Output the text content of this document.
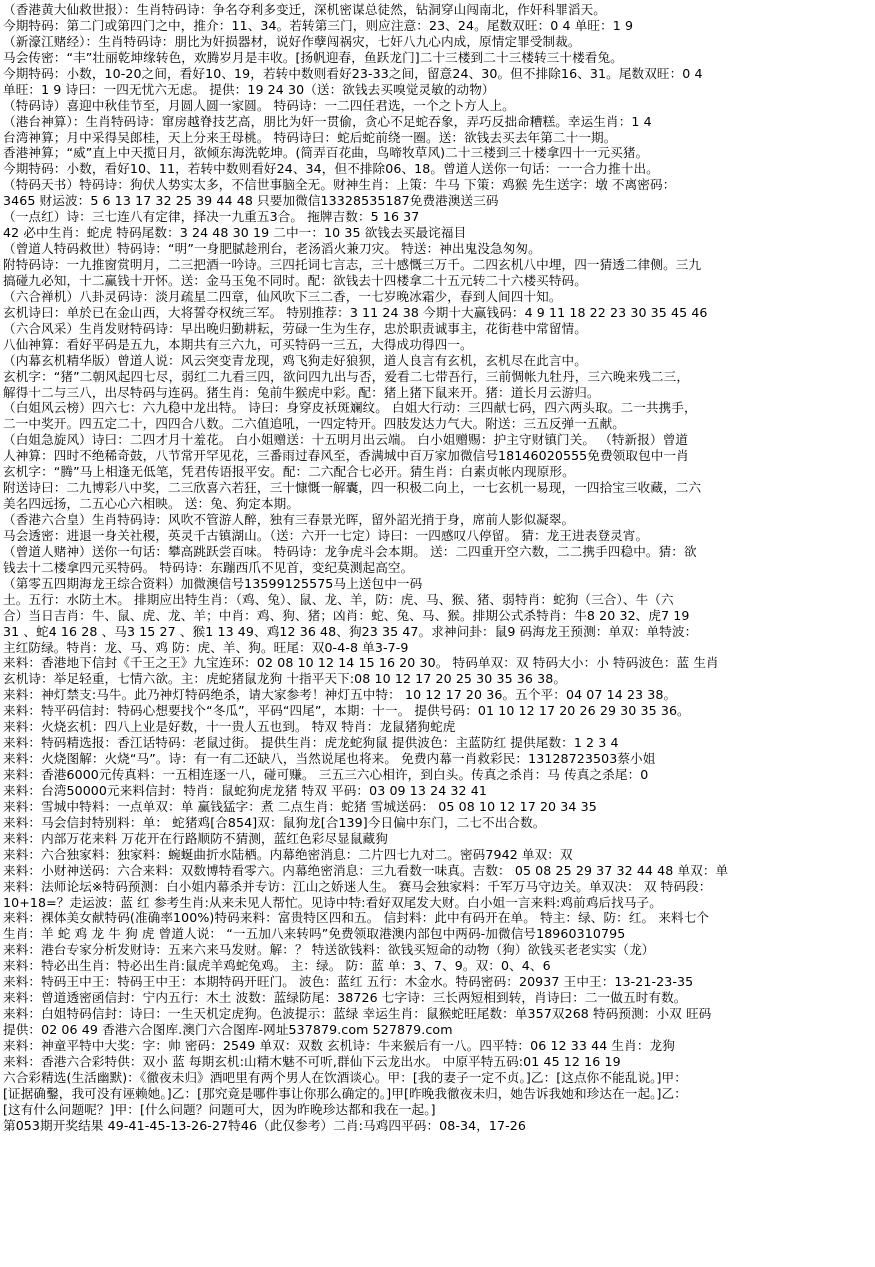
（香港黄大仙救世报）：生肖特码诗：争名夺利多变迁，深机密谋总徒然，钻洞穿山闯南北，作奸科罪滔天。
今期特码：第二门或第四门之中，推介：11、34。若转第三门，则应注意：23、24。尾数双旺：0 4 单旺：1 9
（新濠江赌经）：生肖特码诗：朋比为奸损器材，说好作孽闯祸灾，七奸八九心内成，原情定罪受制裁。
马会传密：“丰”壮丽乾坤缘转色，欢腾岁月是丰收。[扬帆迎春，鱼跃龙门]二十三楼到二十三楼转三十楼看兔。
今期特码：小数，10-20之间，看好10、19，若转中数则看好23-33之间，留意24、30。但不排除16、31。尾数双旺：0 4
单旺：1 9 诗曰：一四无忧六无虑。 提供：19 24 30（送：欲钱去买嗅觉灵敏的动物）
（特码诗）喜迎中秋佳节至，月圆人圆一家圆。 特码诗：一二四任君选，一个之卜方人上。
（港台神算）：生肖特码诗：窜房越脊技艺高，朋比为奸一贯偷，贪心不足蛇吞象，弄巧反拙命糟糕。幸运生肖：1 4
台湾神算；月中采得吴郎桂，天上分来王母桃。 特码诗曰：蛇后蛇前绕一圈。送：欲钱去买去年第二十一期。
香港神算；“威”直上中天揽日月，欲倾东海洗乾坤。(简弄百花曲，鸟啼牧草风)二十三楼到三十楼拿四十一元买猪。
今期特码：小数，看好10、11，若转中数则看好24、34，但不排除06、18。曾道人送你一句话：一一合力推十出。
（特码天书）特码诗：狗伏人势实太多，不信世事脑全无。财神生肖：上策：牛马 下策：鸡猴 先生送字：墩 不离密码：
3465 财运波：5 6 13 17 32 25 39 44 48 只要加微信13328535187免费港澳送三码
（一点红）诗：三七连八有定律，择决一九重五3合。 拖牌吉数：5 16 37
42 必中生肖：蛇虎 特码尾数：3 24 48 30 19 二中一：10 35 欲钱去买最诧福目
（曾道人特码救世）特码诗：“明”一身肥腻趁刑台，老汤滔火兼刀灾。 特送：神出鬼没急匆匆。
附特码诗：一九推窗赏明月，二三把酒一吟诗。三四托词七言志，三十感慨三万千。二四玄机八中埋，四一猜透二律侧。三九
搞碰九必知，十二赢钱十开怀。送：金马玉兔不同时。配：欲钱去十四楼拿二十五元转二十六楼买特码。
（六合禅机）八卦灵码诗：淡月疏星二四章，仙风吹下三二香，一七岁晚冰霜少，春到人间四十知。
玄机诗曰：单於已在金山西，大将誓夺权统三军。 特别推荐：3 11 24 38 今期十大赢钱码：4 9 11 18 22 23 30 35 45 46
（六合风采）生肖发财特码诗：早出晚归勤耕耘，劳碌一生为生存，忠於职责诚事主，花街巷中常留情。
八仙神算：看好平码是五九，本期共有三六九，可买特码一三五，大得成功得四一。
（内幕玄机精华版）曾道人说：风云突变青龙现，鸡飞狗走好狼狈，道人良言有玄机，玄机尽在此言中。
玄机字：“猪”二朝风起四七尽，弱红二九看三四，欲问四九出与否，爱看二七带吾行，三前惆帐九牡丹，三六晚来残二三，
解得十二与三八，出尽特码与连码。猪生肖：兔前牛猴虎中彩。配：猪上猪下鼠来开。猪：道长月云游归。
（白姐风云榜）四六七：六九稳中龙出特。 诗曰：身穿皮袄斑斓纹。 白姐大行动：三四献七码，四六两头取。二一共携手，
二一中奖开。四五定二十，四四合八数。二六值追吼，一四定特开。四肢发达力气大。附送：三五反弹一五献。
（白姐急旋风）诗曰：二四才月十羞花。 白小姐赠送：十五明月出云端。 白小姐赠赐：护主守财镇门关。 （特新报）曾道
人神算：四时不绝稀奇鼓，八节常开罕见花，三番雨过春风至，香满城中百万家加微信号18146020555免费领取包中一肖
玄机字：“腾”马上相逢无低笔，凭君传语报平安。配：二六配合七必开。猜生肖：白素贞帐内现原形。
附送诗曰：二九博彩八中奖，二三欣喜六若狂，三十慷慨一解囊，四一积极二向上，一七玄机一易现，一四拾宝三收藏，二六
美名四远扬，二五心心六相映。 送：兔、狗定本期。
（香港六合皇）生肖特码诗：风吹不管游人醉，独有三春景光晖，留外詔光捎于身，席前人影似凝翠。
马会透密：进退一身关社稷，英灵千古镇湖山。（送：六开一七定）诗曰：一四感叹八停留。 猜：龙王进表登灵宵。
（曾道人赌神）送你一句话：攀高跳跃尝百味。 特码诗：龙争虎斗会本期。 送：二四重开空六数，二二携手四稳中。猜：欲
钱去十二楼拿四元买特码。 特码诗：东蹦西爪不见首，变纪莫测起高空。
（第零五四期海龙王综合资料）加微澳信号13599125575马上送包中一码
土。五行：水防土木。 排期应出特生肖：（鸡、兔）、鼠、龙、羊，防：虎、马、猴、猪、弱特肖：蛇狗（三合）、牛（六
合）当日吉肖：牛、鼠、虎、龙、羊；中肖：鸡、狗、猪；凶肖：蛇、兔、马、猴。排期公式杀特肖：牛8 20 32、虎7 19
31 、蛇4 16 28 、马3 15 27 、猴1 13 49、鸡12 36 48、狗23 35 47。求神问卦：鼠9 码海龙王预测：单双：单特波：
主红防绿。特肖：龙、马、鸡 防：虎、羊、狗。旺尾：双0-4-8 单3-7-9
来料：香港地下信封《千王之王》九宝连环：02 08 10 12 14 15 16 20 30。 特码单双：双 特码大小：小 特码波色：蓝 生肖
玄机诗：举足轻重，七情六欲。主：虎蛇猪鼠龙狗 十指平天下:08 10 12 17 20 25 30 35 36 38。
来料：神灯禁支:马牛。此乃神灯特码绝杀，请大家参考！神灯五中特： 10 12 17 20 36。五个平：04 07 14 23 38。
来料：特平码信封：特码心想要找个“冬瓜”，平码“四尾”，本期：十一。 提供号码：01 10 12 17 20 26 29 30 35 36。
来料：火烧玄机：四八上业是好数，十一贵人五也到。 特双 特肖：龙鼠猪狗蛇虎
来料：特码精选报：香江话特码：老鼠过街。 提供生肖：虎龙蛇狗鼠 提供波色：主蓝防红 提供尾数：1 2 3 4
来料：火烧图解：火烧“马”。诗：有一有二还缺八，当然说尾也将来。 免费内幕一肖救彩民：13128723503蔡小姐
来料：香港6000元传真料：一五相连逐一八，碰可赚。 三五三六心相许，到白头。传真之杀肖：马 传真之杀尾：0
来料：台湾50000元来料信封：特肖：鼠蛇狗虎龙猪 特双 平码：03 09 13 24 32 41
来料：雪城中特料：一点单双：单 赢钱猛字：煮 二点生肖：蛇猪 雪城送码： 05 08 10 12 17 20 34 35
来料：马会信封特别料：单： 蛇猪鸡[合854]双：鼠狗龙[合139]今日偏中东门，二七不出合数。
来料：内部万花来料 万花开在行路顺防不猜测，蓝红色彩尽显鼠藏狗
来料：六合独家料：独家料：蜿蜒曲折水陆栖。内幕绝密消息：二片四七九对二。密码7942 单双：双
来料：小财神送码：六合来料：双数博特看零六。内幕绝密消息：三九看数一味真。吉数： 05 08 25 29 37 32 44 48 单双：单
来料：法师论坛※特码预测：白小姐内幕杀并专访：江山之娇迷人生。 赛马会独家料：千军万马守边关。单双决： 双 特码段：
10+18=？走运波：蓝 红 参考生肖:从来未见人帮忙。见诗中特:看好双尾发大财。白小姐一言来料:鸡前鸡后找马子。
来料：裸体美女献特码(准确率100%)特码来料：富贵特区四和五。 信封料：此中有码开在单。 特主：绿、防：红。 来料七个
生肖：羊 蛇 鸡 龙 牛 狗 虎 曾道人说： “一五加八来转吗”免费领取港澳内部包中两码-加微信号18960310795
来料：港台专家分析发财诗：五来六来马发财。解：？ 特送欲钱料：欲钱买短命的动物（狗）欲钱买老老实实（龙）
来料：特必出生肖：特必出生肖:鼠虎羊鸡蛇兔鸡。 主：绿。 防：蓝 单：3、7、9。双：0、4、6
来料：特码王中王：特码王中王：本期特码开旺门。 波色：蓝红 五行：木金水。特码密码：20937 王中王：13-21-23-35
来料：曾道透密函信封：宁内五行：木土 波数：蓝绿防尾：38726 七字诗：三长两短相到转，肖诗曰：二一做五时有数。
来料：白姐特码信封：诗曰：一生天机定虎狗。色波提示：蓝绿 幸运生肖：鼠猴蛇旺尾数：单357双268 特码预测：小双 旺码
提供：02 06 49 香港六合图库.澳门六合图库-网址537879.com 527879.com
来料：神童平特中大奖：字：帅 密码：2549 单双：双数 玄机诗：牛来猴后有一八。四平特：06 12 33 44 生肖：龙狗
来料：香港六合彩特供：双小 蓝 每期玄机:山精木魅不可听,群仙下云龙出水。 中原平特五码:01 45 12 16 19
六合彩精选(生活幽默)：《徹夜未归》酒吧里有两个男人在饮酒谈心。甲：[我的妻子一定不贞。]乙：[这点你不能乱说。]甲：
[证据确鑿，我可没有诬赖她。]乙：[那究竟是哪件事让你那么确定的。]甲[昨晚我徹夜未归，她告诉我她和珍达在一起。]乙：
[这有什么问题呢？]甲：[什么问题？问题可大，因为昨晚珍达都和我在一起。]
第053期开奖结果 49-41-45-13-26-27特46（此仅参考）二肖:马鸡四平码：08-34，17-26
